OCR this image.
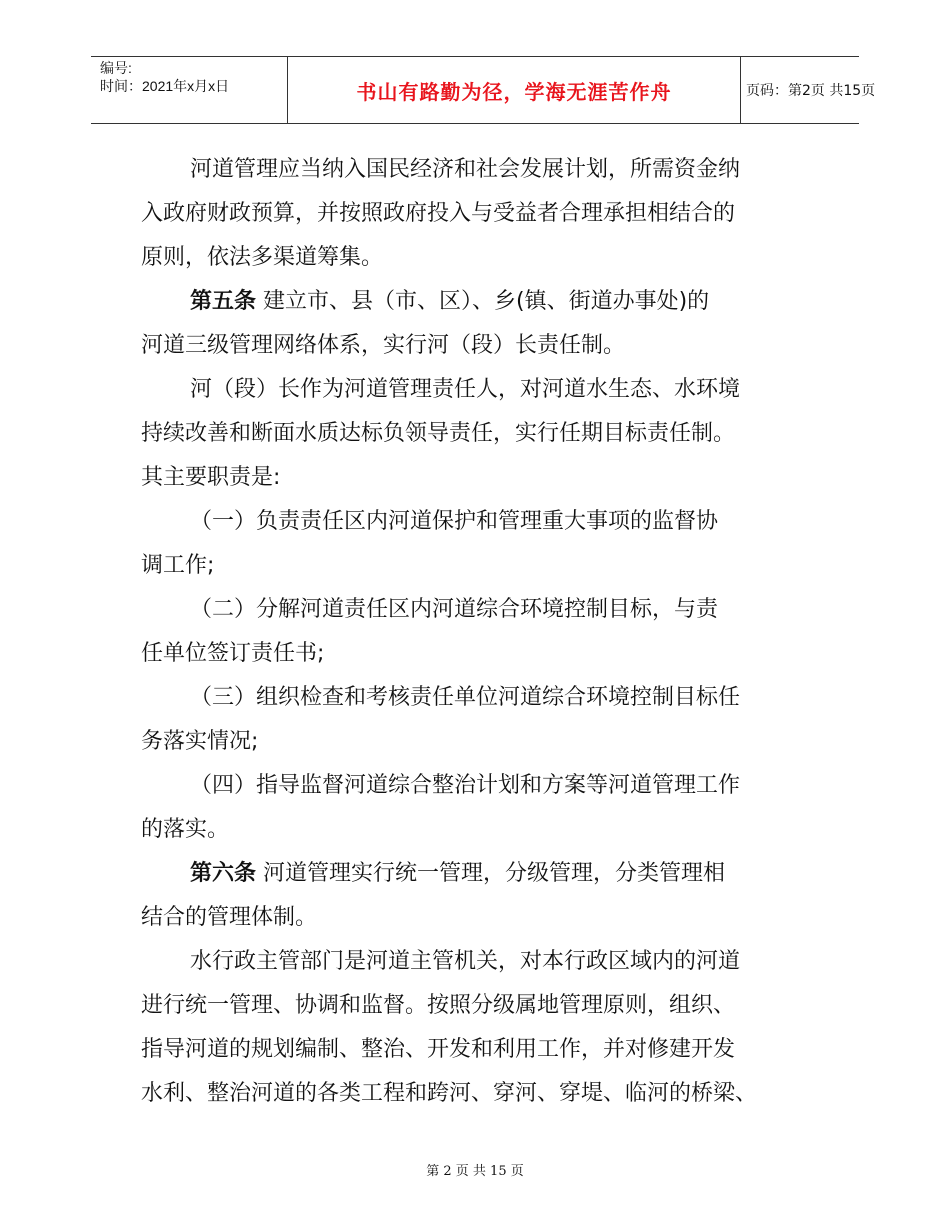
编号:
时间：2021年x月x日	书山有路勤为径，学海无涯苦作舟	页码：第2页 共15页
河道管理应当纳入国民经济和社会发展计划，所需资金纳
入政府财政预算，并按照政府投入与受益者合理承担相结合的
原则，依法多渠道筹集。
第五条 建立市、县（市、区）、乡(镇、街道办事处)的
河道三级管理网络体系，实行河（段）长责任制。
河（段）长作为河道管理责任人，对河道水生态、水环境
持续改善和断面水质达标负领导责任，实行任期目标责任制。
其主要职责是:
（一）负责责任区内河道保护和管理重大事项的监督协
调工作;
（二）分解河道责任区内河道综合环境控制目标，与责
任单位签订责任书;
（三）组织检查和考核责任单位河道综合环境控制目标任
务落实情况;
（四）指导监督河道综合整治计划和方案等河道管理工作
的落实。
第六条 河道管理实行统一管理，分级管理，分类管理相
结合的管理体制。
水行政主管部门是河道主管机关，对本行政区域内的河道
进行统一管理、协调和监督。按照分级属地管理原则，组织、
指导河道的规划编制、整治、开发和利用工作，并对修建开发
水利、整治河道的各类工程和跨河、穿河、穿堤、临河的桥梁、
第 2 页 共 15 页
